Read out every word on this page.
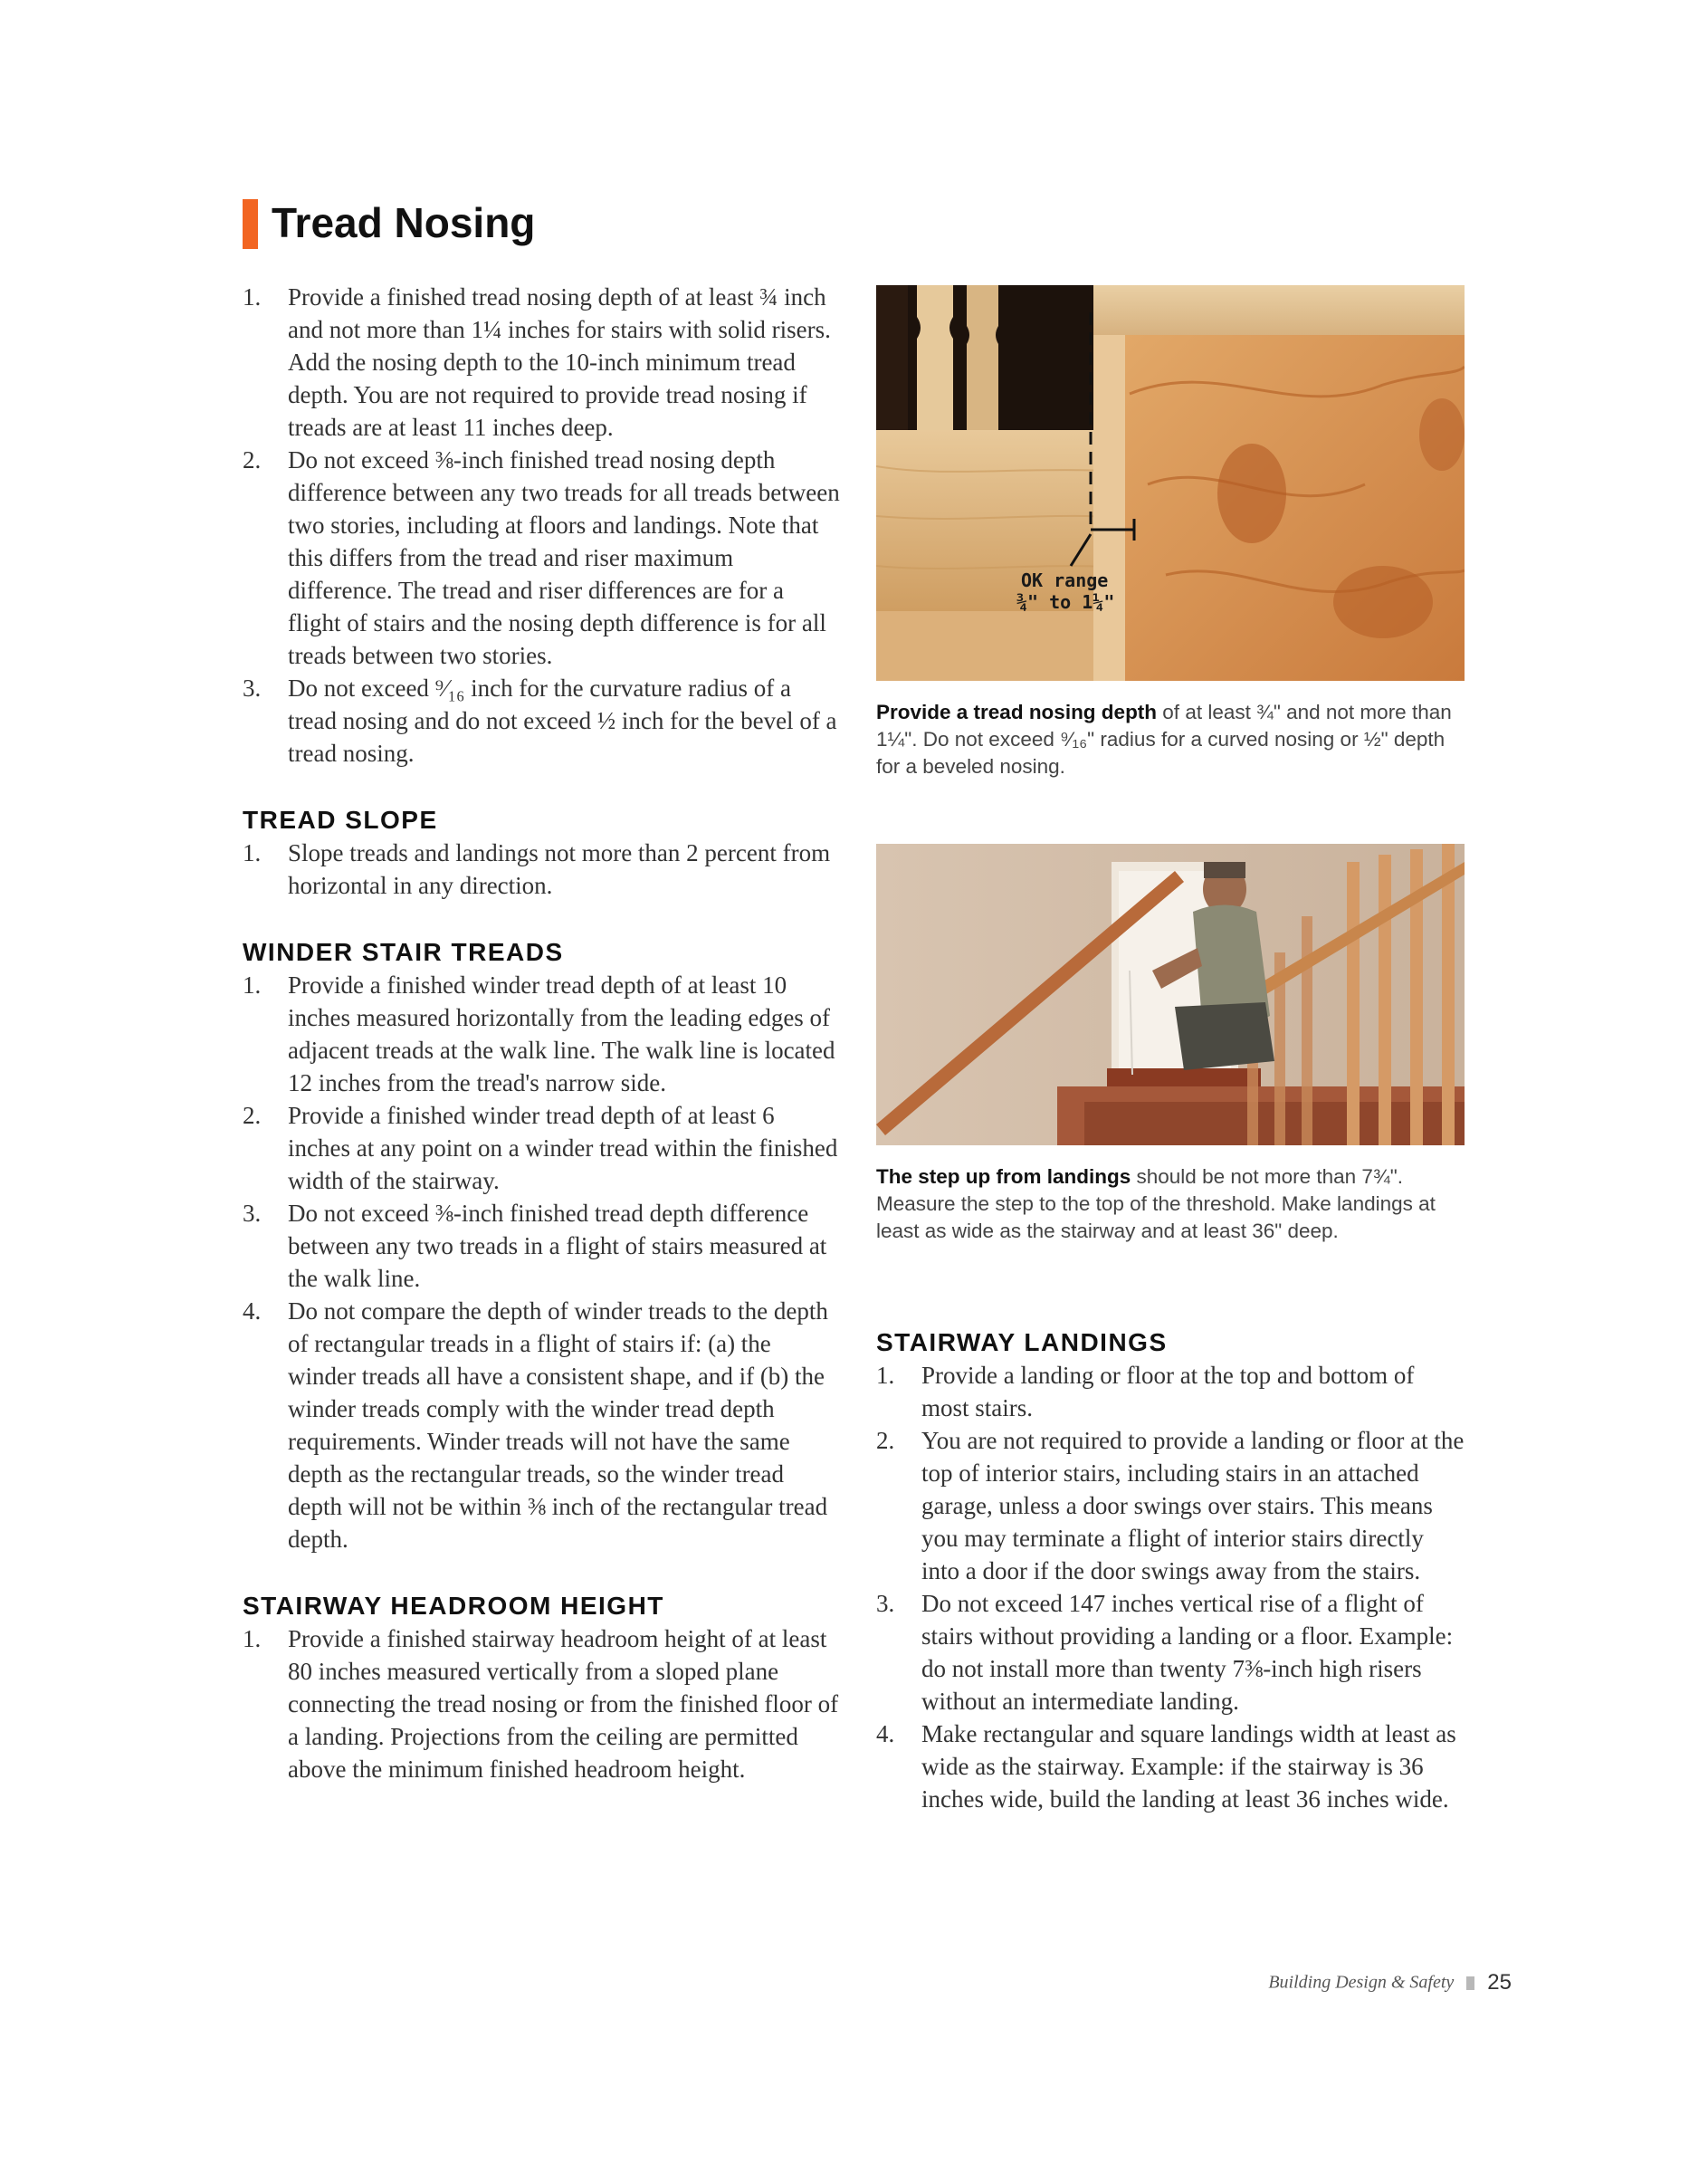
Tread Nosing
1. Provide a finished tread nosing depth of at least ¾ inch and not more than 1¼ inches for stairs with solid risers. Add the nosing depth to the 10-inch minimum tread depth. You are not required to provide tread nosing if treads are at least 11 inches deep.
2. Do not exceed ⅜-inch finished tread nosing depth difference between any two treads for all treads between two stories, including at floors and landings. Note that this differs from the tread and riser maximum difference. The tread and riser differences are for a flight of stairs and the nosing depth difference is for all treads between two stories.
3. Do not exceed ⁹⁄₁₆ inch for the curvature radius of a tread nosing and do not exceed ½ inch for the bevel of a tread nosing.
TREAD SLOPE
1. Slope treads and landings not more than 2 percent from horizontal in any direction.
WINDER STAIR TREADS
1. Provide a finished winder tread depth of at least 10 inches measured horizontally from the leading edges of adjacent treads at the walk line. The walk line is located 12 inches from the tread's narrow side.
2. Provide a finished winder tread depth of at least 6 inches at any point on a winder tread within the finished width of the stairway.
3. Do not exceed ⅜-inch finished tread depth difference between any two treads in a flight of stairs measured at the walk line.
4. Do not compare the depth of winder treads to the depth of rectangular treads in a flight of stairs if: (a) the winder treads all have a consistent shape, and if (b) the winder treads comply with the winder tread depth requirements. Winder treads will not have the same depth as the rectangular treads, so the winder tread depth will not be within ⅜ inch of the rectangular tread depth.
STAIRWAY HEADROOM HEIGHT
1. Provide a finished stairway headroom height of at least 80 inches measured vertically from a sloped plane connecting the tread nosing or from the finished floor of a landing. Projections from the ceiling are permitted above the minimum finished headroom height.
OK range
¾" to 1¼"
Provide a tread nosing depth of at least ¾" and not more than 1¼". Do not exceed ⁹⁄₁₆" radius for a curved nosing or ½" depth for a beveled nosing.
The step up from landings should be not more than 7¾". Measure the step to the top of the threshold. Make landings at least as wide as the stairway and at least 36" deep.
STAIRWAY LANDINGS
1. Provide a landing or floor at the top and bottom of most stairs.
2. You are not required to provide a landing or floor at the top of interior stairs, including stairs in an attached garage, unless a door swings over stairs. This means you may terminate a flight of interior stairs directly into a door if the door swings away from the stairs.
3. Do not exceed 147 inches vertical rise of a flight of stairs without providing a landing or a floor. Example: do not install more than twenty 7⅜-inch high risers without an intermediate landing.
4. Make rectangular and square landings width at least as wide as the stairway. Example: if the stairway is 36 inches wide, build the landing at least 36 inches wide.
Building Design & Safety 25
